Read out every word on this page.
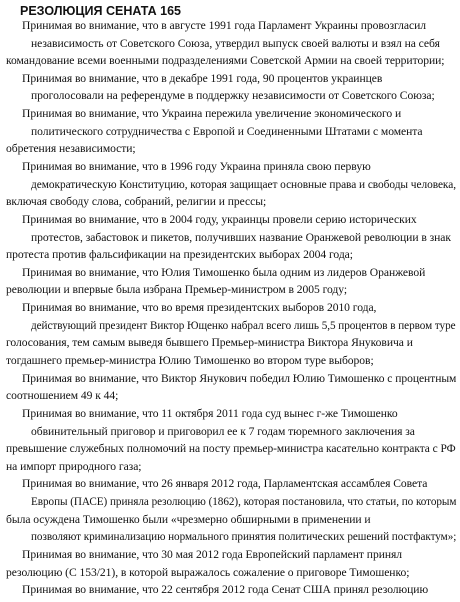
РЕЗОЛЮЦИЯ СЕНАТА 165
Принимая во внимание, что в августе 1991 года Парламент Украины провозгласил
независимость от Советского Союза, утвердил выпуск своей валюты и взял на себя
командование всеми военными подразделениями Советской Армии на своей территории;
Принимая во внимание, что в декабре 1991 года, 90 процентов украинцев
проголосовали на референдуме в поддержку независимости от Советского Союза;
Принимая во внимание, что Украина пережила увеличение экономического и
политического сотрудничества с Европой и Соединенными Штатами с момента
обретения независимости;
Принимая во внимание, что в 1996 году Украина приняла свою первую
демократическую Конституцию, которая защищает основные права и свободы человека,
включая свободу слова, собраний, религии и прессы;
Принимая во внимание, что в 2004 году, украинцы провели серию исторических
протестов, забастовок и пикетов, получивших название Оранжевой революции в знак
протеста против фальсификации на президентских выборах 2004 года;
Принимая во внимание, что Юлия Тимошенко была одним из лидеров Оранжевой
революции и впервые была избрана Премьер-министром в 2005 году;
Принимая во внимание, что во время президентских выборов 2010 года,
действующий президент Виктор Ющенко набрал всего лишь 5,5 процентов в первом туре
голосования, тем самым выведя бывшего Премьер-министра Виктора Януковича и
тогдашнего премьер-министра Юлию Тимошенко во втором туре выборов;
Принимая во внимание, что Виктор Янукович победил Юлию Тимошенко с процентным
соотношением 49 к 44;
Принимая во внимание, что 11 октября 2011 года суд вынес г-же Тимошенко
обвинительный приговор и приговорил ее к 7 годам тюремного заключения за
превышение служебных полномочий на посту премьер-министра касательно контракта с РФ
на импорт природного газа;
Принимая во внимание, что 26 января 2012 года, Парламентская ассамблея Совета
Европы (ПАСЕ) приняла резолюцию (1862), которая постановила, что статьи, по которым
была осуждена Тимошенко были «чрезмерно обширными в применении и
позволяют криминализацию нормального принятия политических решений постфактум»;
Принимая во внимание, что 30 мая 2012 года Европейский парламент принял
резолюцию (C 153/21), в которой выражалось сожаление о приговоре Тимошенко;
Принимая во внимание, что 22 сентября 2012 года Сенат США принял резолюцию
